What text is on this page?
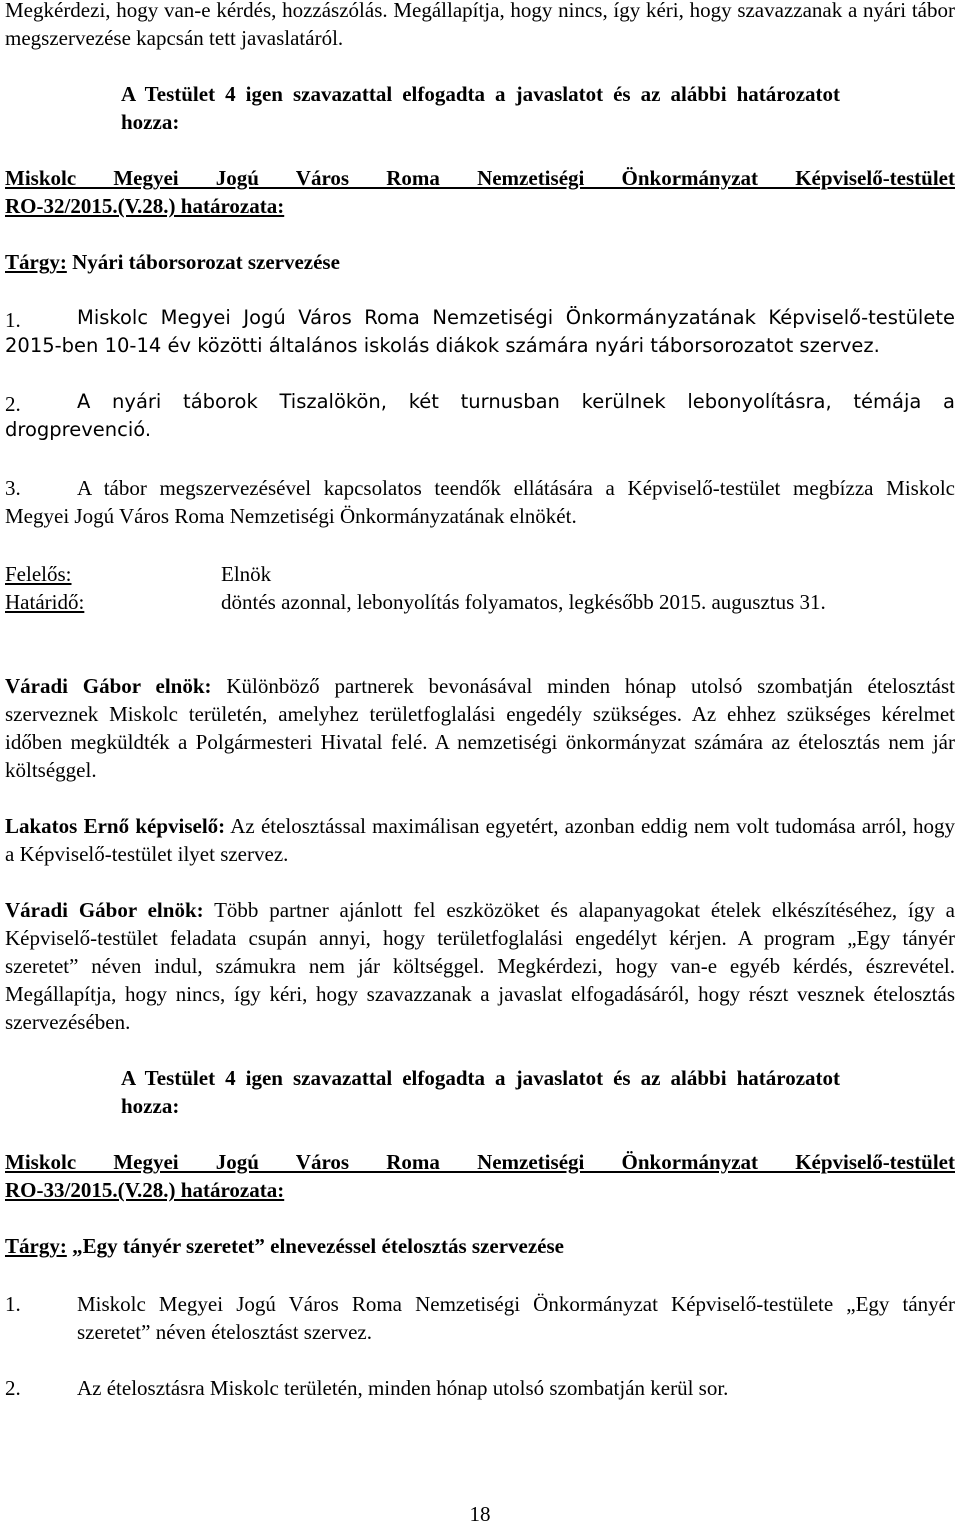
Megkérdezi, hogy van-e kérdés, hozzászólás. Megállapítja, hogy nincs, így kéri, hogy szavazzanak a nyári tábor megszervezése kapcsán tett javaslatáról.

A Testület 4 igen szavazattal elfogadta a javaslatot és az alábbi határozatot hozza:

Miskolc Megyei Jogú Város Roma Nemzetiségi Önkormányzat Képviselő-testület
RO-32/2015.(V.28.) határozata:

Tárgy: Nyári táborsorozat szervezése

1.	Miskolc Megyei Jogú Város Roma Nemzetiségi Önkormányzatának Képviselő-testülete 2015-ben 10-14 év közötti általános iskolás diákok számára nyári táborsorozatot szervez.

2.	A nyári táborok Tiszalökön, két turnusban kerülnek lebonyolításra, témája a drogprevenció.

3.	A tábor megszervezésével kapcsolatos teendők ellátására a Képviselő-testület megbízza Miskolc Megyei Jogú Város Roma Nemzetiségi Önkormányzatának elnökét.

Felelős:	Elnök
Határidő:	döntés azonnal, lebonyolítás folyamatos, legkésőbb 2015. augusztus 31.

Váradi Gábor elnök: Különböző partnerek bevonásával minden hónap utolsó szombatján ételosztást szerveznek Miskolc területén, amelyhez területfoglalási engedély szükséges. Az ehhez szükséges kérelmet időben megküldték a Polgármesteri Hivatal felé. A nemzetiségi önkormányzat számára az ételosztás nem jár költséggel.

Lakatos Ernő képviselő: Az ételosztással maximálisan egyetért, azonban eddig nem volt tudomása arról, hogy a Képviselő-testület ilyet szervez.

Váradi Gábor elnök: Több partner ajánlott fel eszközöket és alapanyagokat ételek elkészítéséhez, így a Képviselő-testület feladata csupán annyi, hogy területfoglalási engedélyt kérjen. A program „Egy tányér szeretet” néven indul, számukra nem jár költséggel. Megkérdezi, hogy van-e egyéb kérdés, észrevétel. Megállapítja, hogy nincs, így kéri, hogy szavazzanak a javaslat elfogadásáról, hogy részt vesznek ételosztás szervezésében.

A Testület 4 igen szavazattal elfogadta a javaslatot és az alábbi határozatot hozza:

Miskolc Megyei Jogú Város Roma Nemzetiségi Önkormányzat Képviselő-testület
RO-33/2015.(V.28.) határozata:

Tárgy: „Egy tányér szeretet” elnevezéssel ételosztás szervezése

1.	Miskolc Megyei Jogú Város Roma Nemzetiségi Önkormányzat Képviselő-testülete „Egy tányér szeretet” néven ételosztást szervez.
2.	Az ételosztásra Miskolc területén, minden hónap utolsó szombatján kerül sor.
18
